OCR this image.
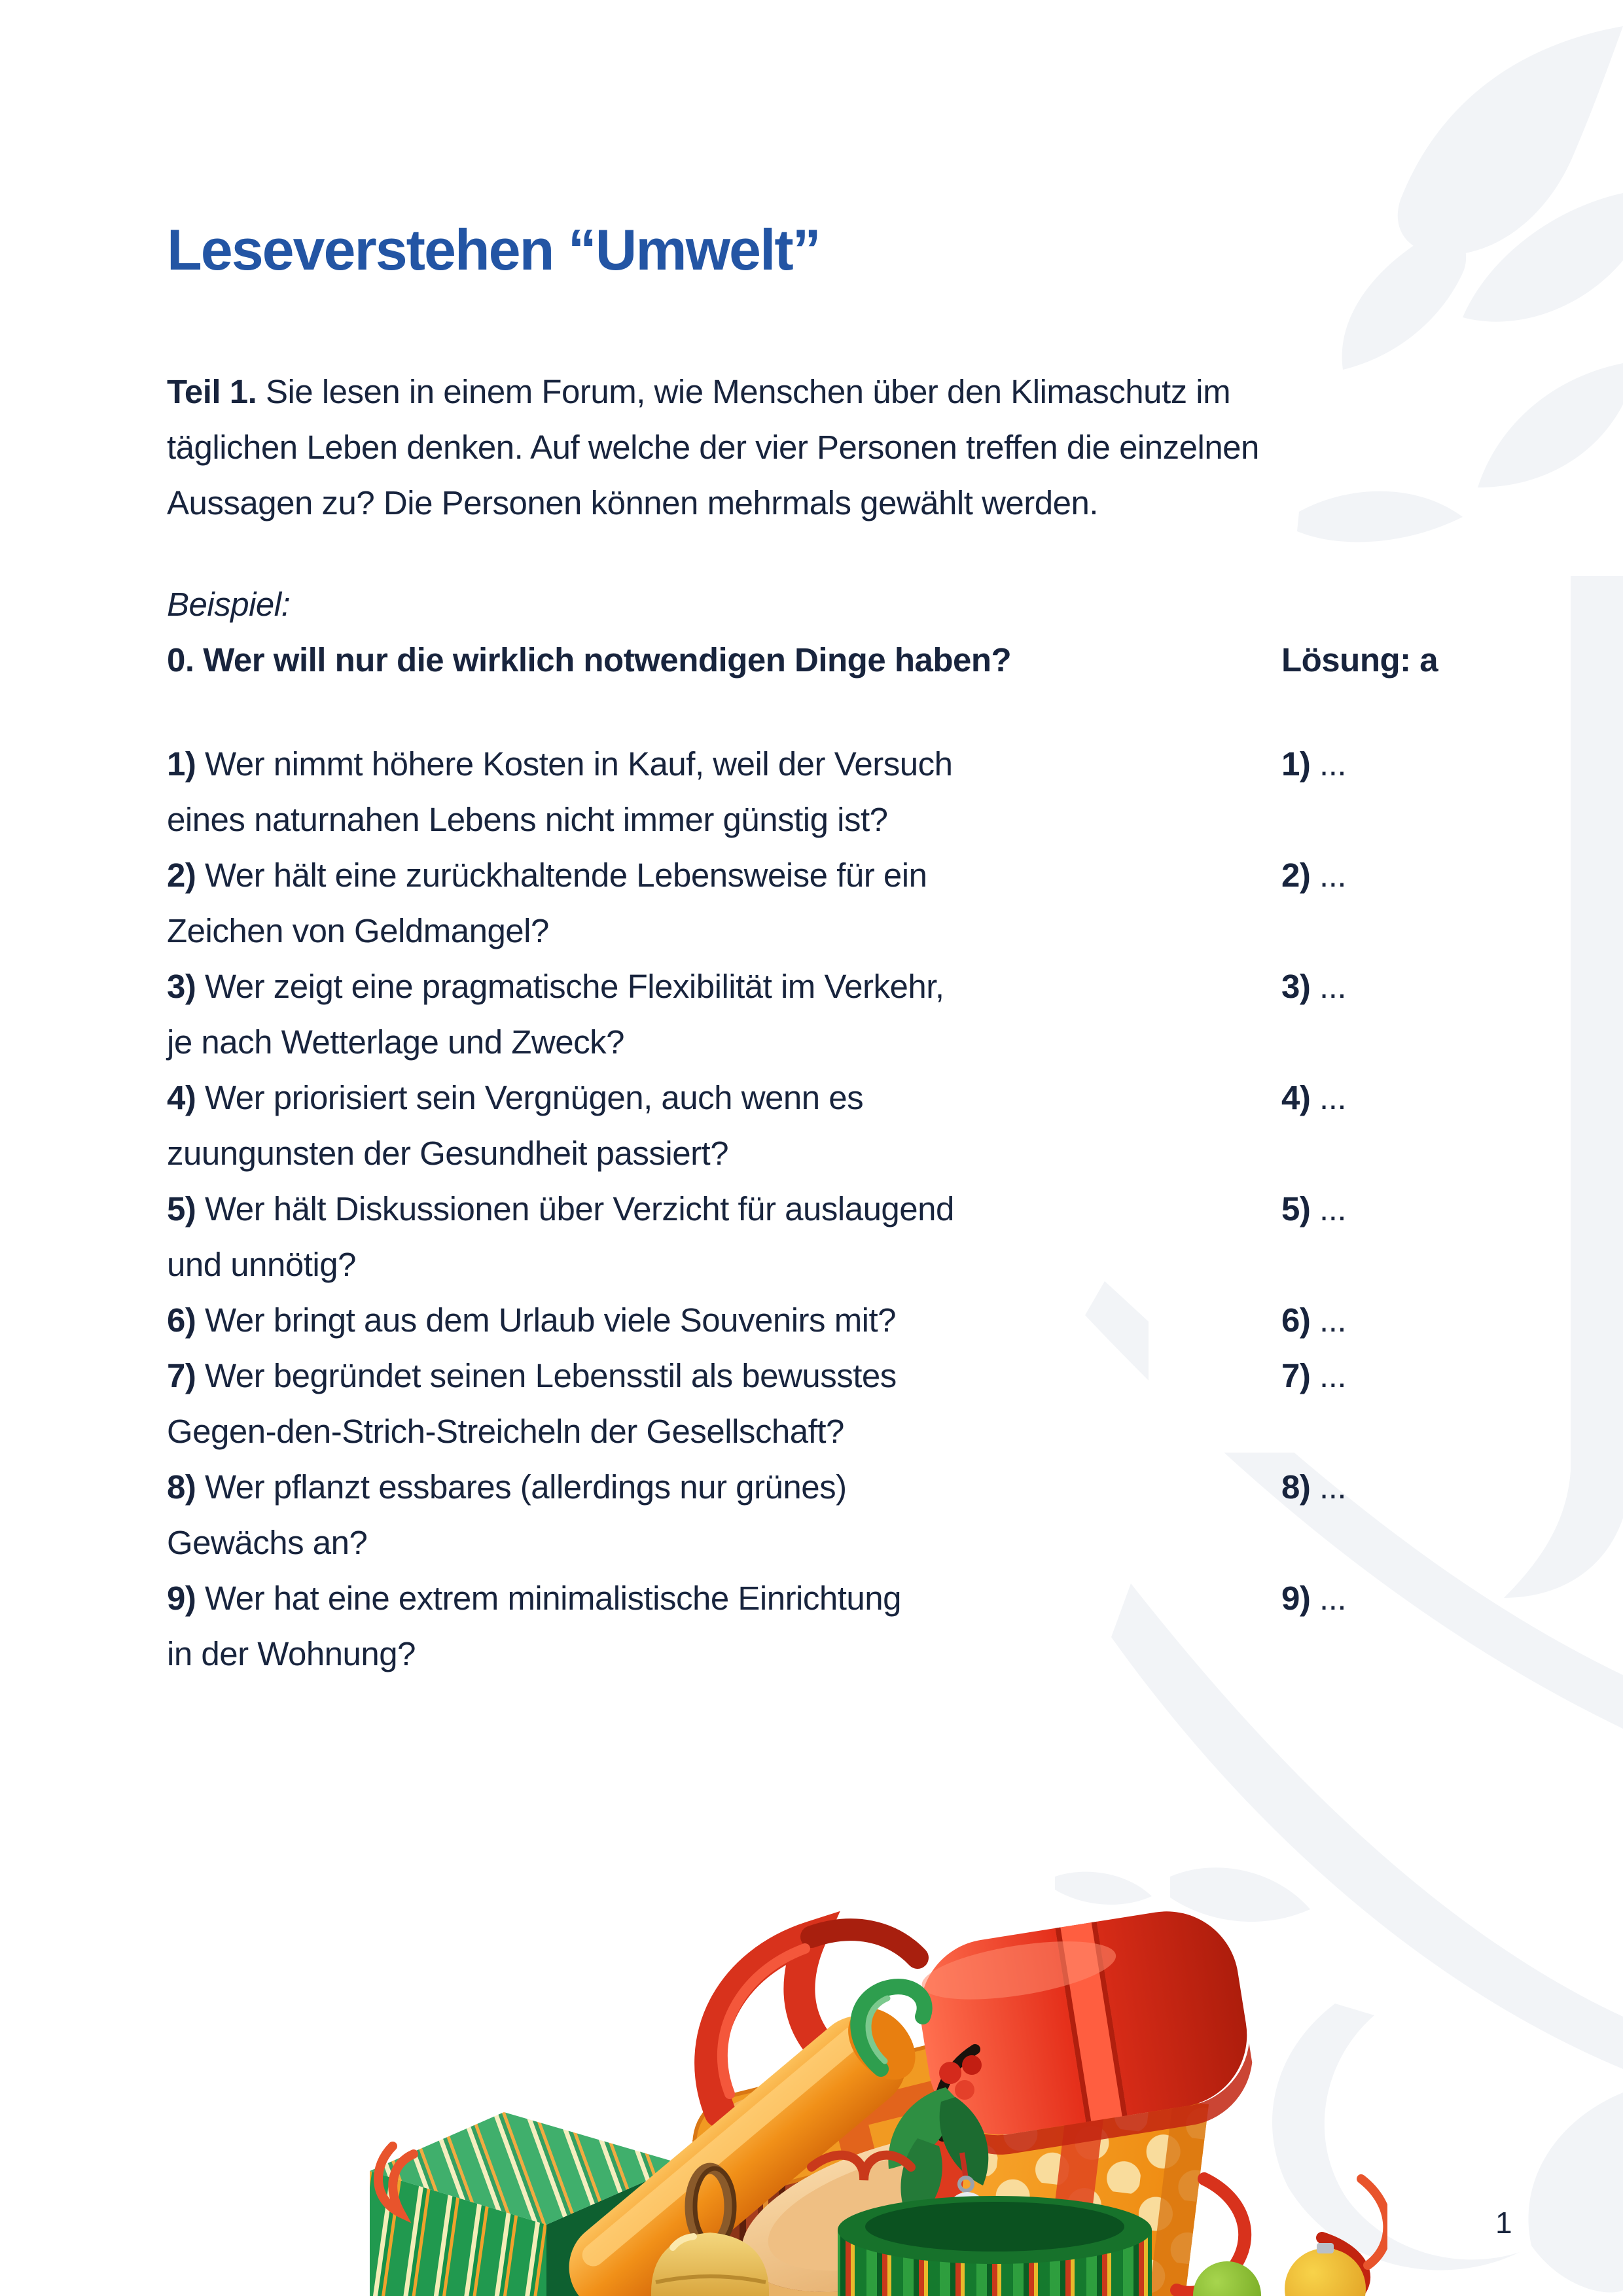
Leseverstehen “Umwelt”
Teil 1. Sie lesen in einem Forum, wie Menschen über den Klimaschutz im
täglichen Leben denken. Auf welche der vier Personen treffen die einzelnen
Aussagen zu? Die Personen können mehrmals gewählt werden.
Beispiel:
0. Wer will nur die wirklich notwendigen Dinge haben?	Lösung: a
1) Wer nimmt höhere Kosten in Kauf, weil der Versuch
eines naturnahen Lebens nicht immer günstig ist?
2) Wer hält eine zurückhaltende Lebensweise für ein
Zeichen von Geldmangel?
3) Wer zeigt eine pragmatische Flexibilität im Verkehr,
je nach Wetterlage und Zweck?
4) Wer priorisiert sein Vergnügen, auch wenn es
zuungunsten der Gesundheit passiert?
5) Wer hält Diskussionen über Verzicht für auslaugend
und unnötig?
6) Wer bringt aus dem Urlaub viele Souvenirs mit?
7) Wer begründet seinen Lebensstil als bewusstes
Gegen-den-Strich-Streicheln der Gesellschaft?
8) Wer pflanzt essbares (allerdings nur grünes)
Gewächs an?
9) Wer hat eine extrem minimalistische Einrichtung
in der Wohnung?
1) ...
2) ...
3) ...
4) ...
5) ...
6) ...
7) ...
8) ...
9) ...
1
